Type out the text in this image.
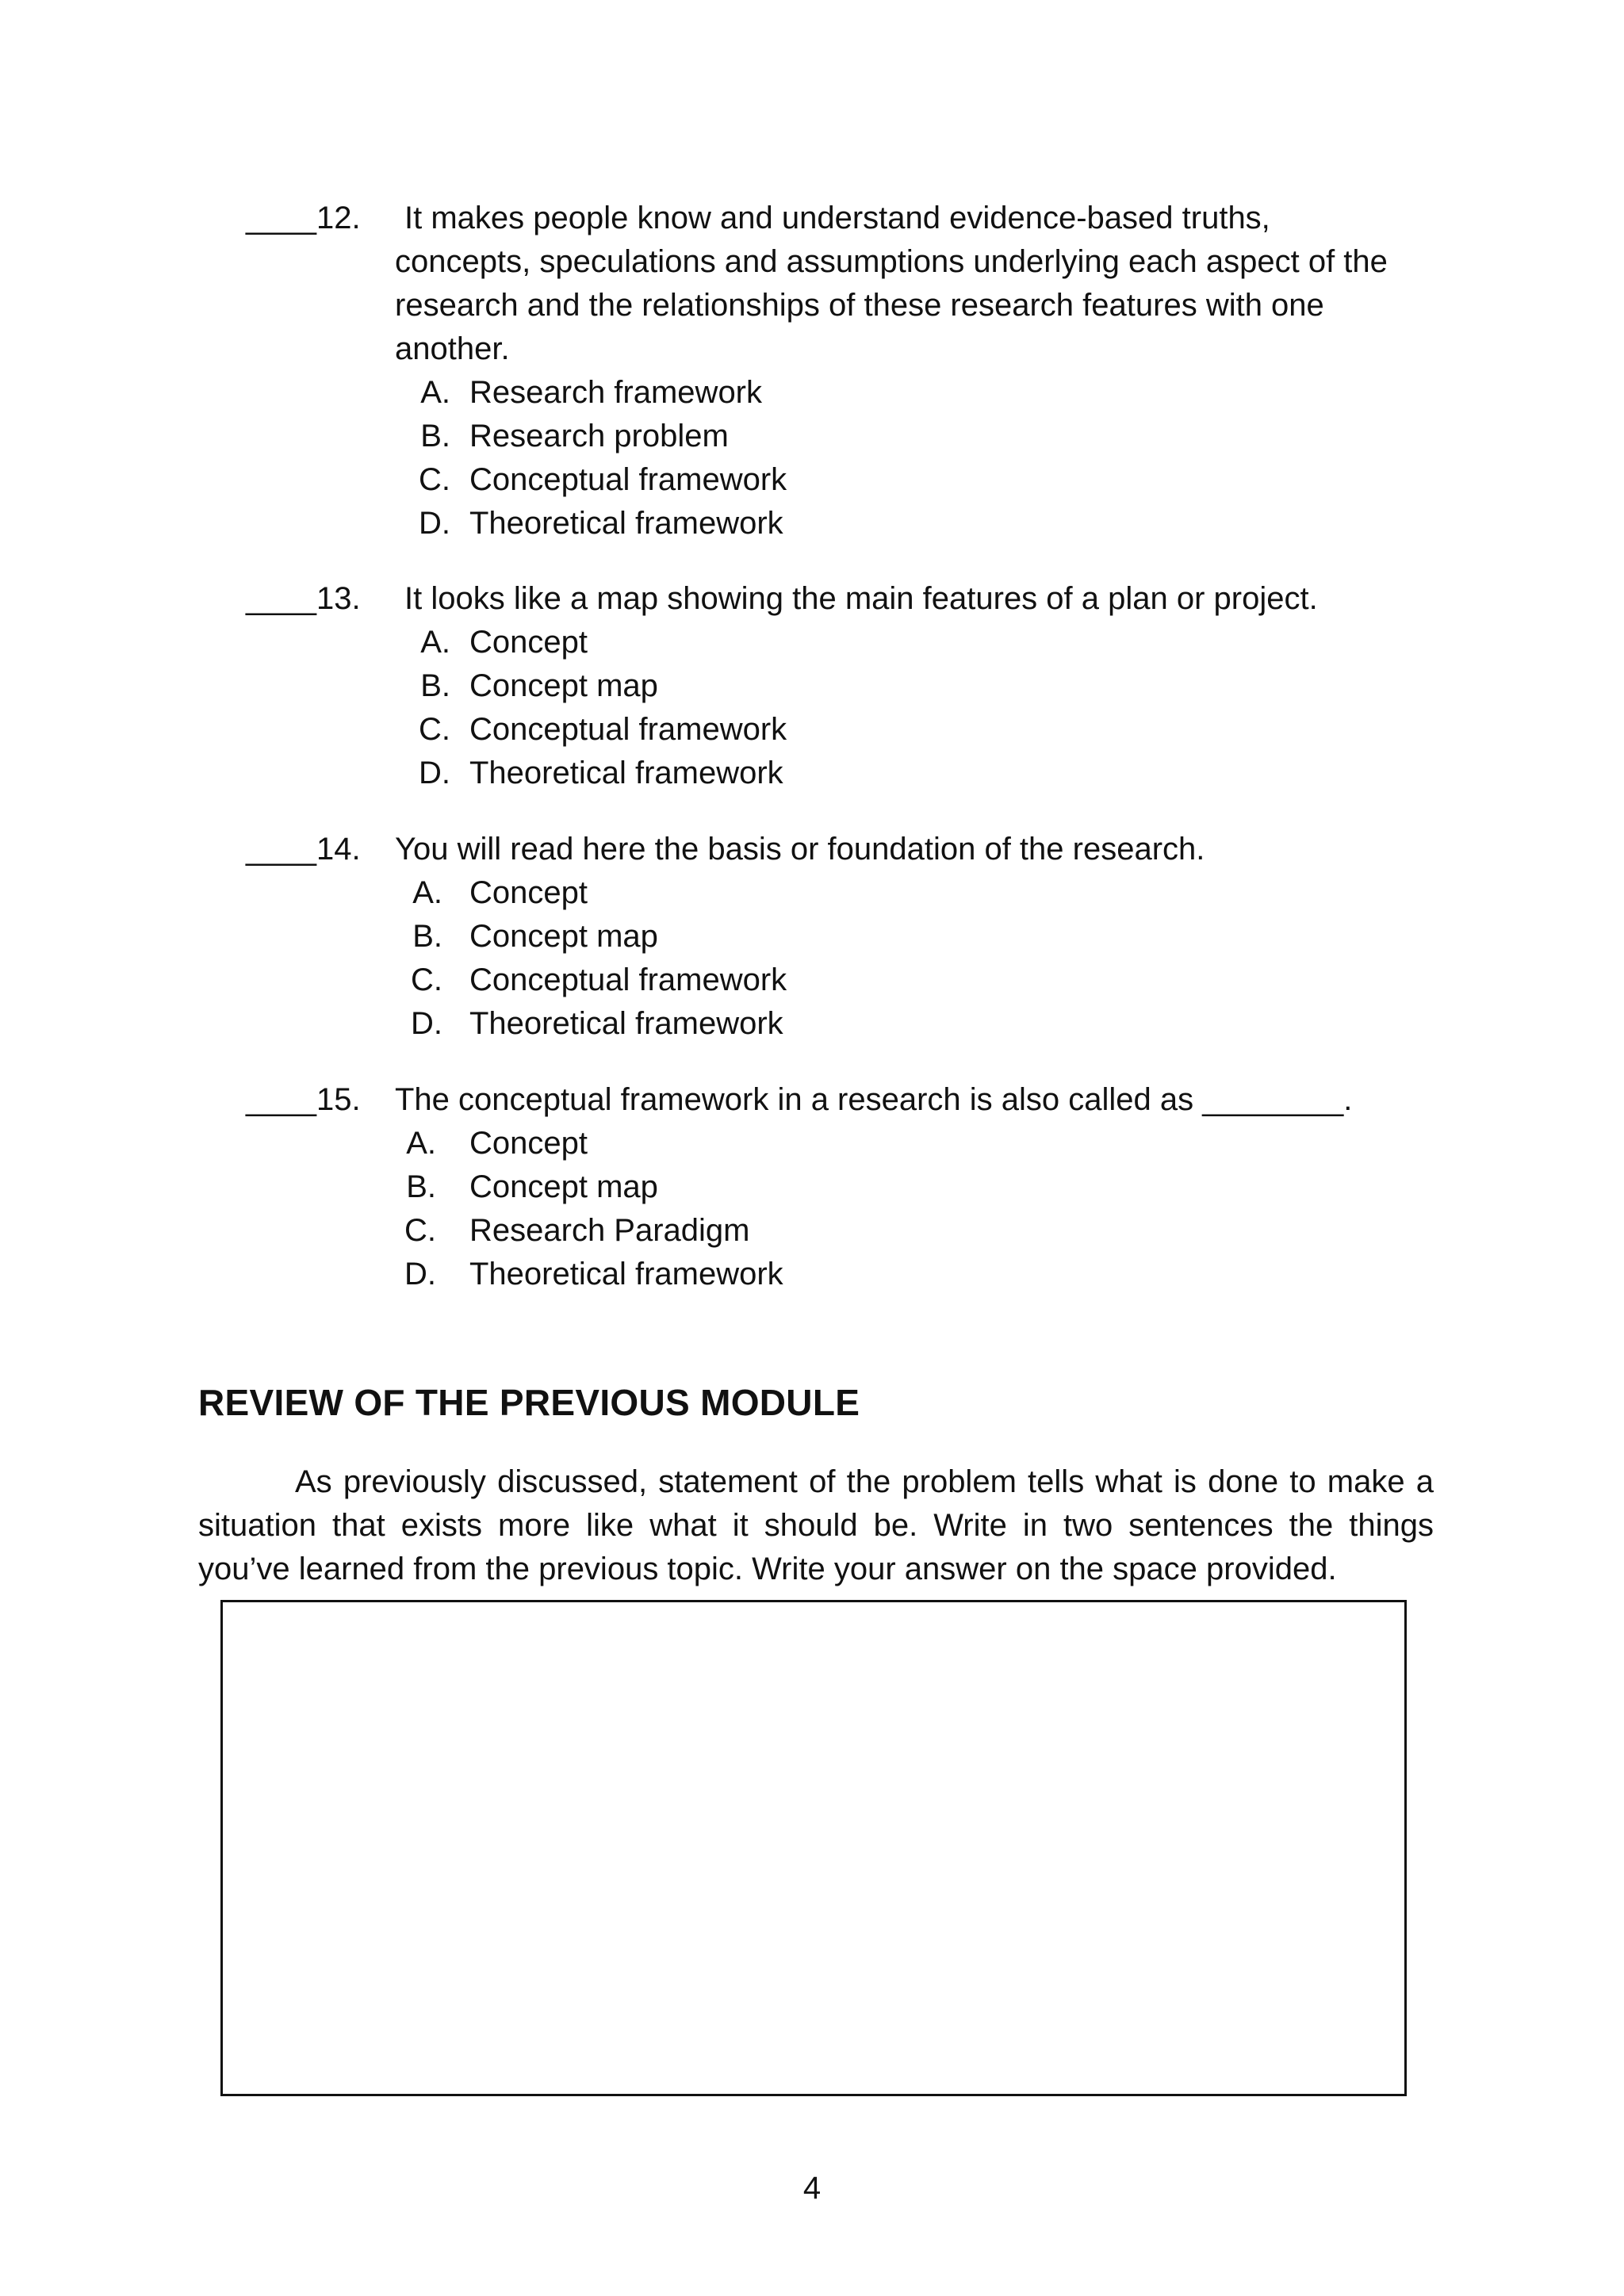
____12.	It makes people know and understand evidence-based truths,
concepts, speculations and assumptions underlying each aspect of the
research and the relationships of these research features with one
another.
A. Research framework
B. Research problem
C. Conceptual framework
D. Theoretical framework
____13.	It looks like a map showing the main features of a plan or project.
A. Concept
B. Concept map
C. Conceptual framework
D. Theoretical framework
____14. You will read here the basis or foundation of the research.
A. Concept
B. Concept map
C. Conceptual framework
D. Theoretical framework
____15. The conceptual framework in a research is also called as ________.
A. Concept
B. Concept map
C. Research Paradigm
D. Theoretical framework
REVIEW OF THE PREVIOUS MODULE
As previously discussed, statement of the problem tells what is done to make a situation that exists more like what it should be. Write in two sentences the things you’ve learned from the previous topic. Write your answer on the space provided.
4
